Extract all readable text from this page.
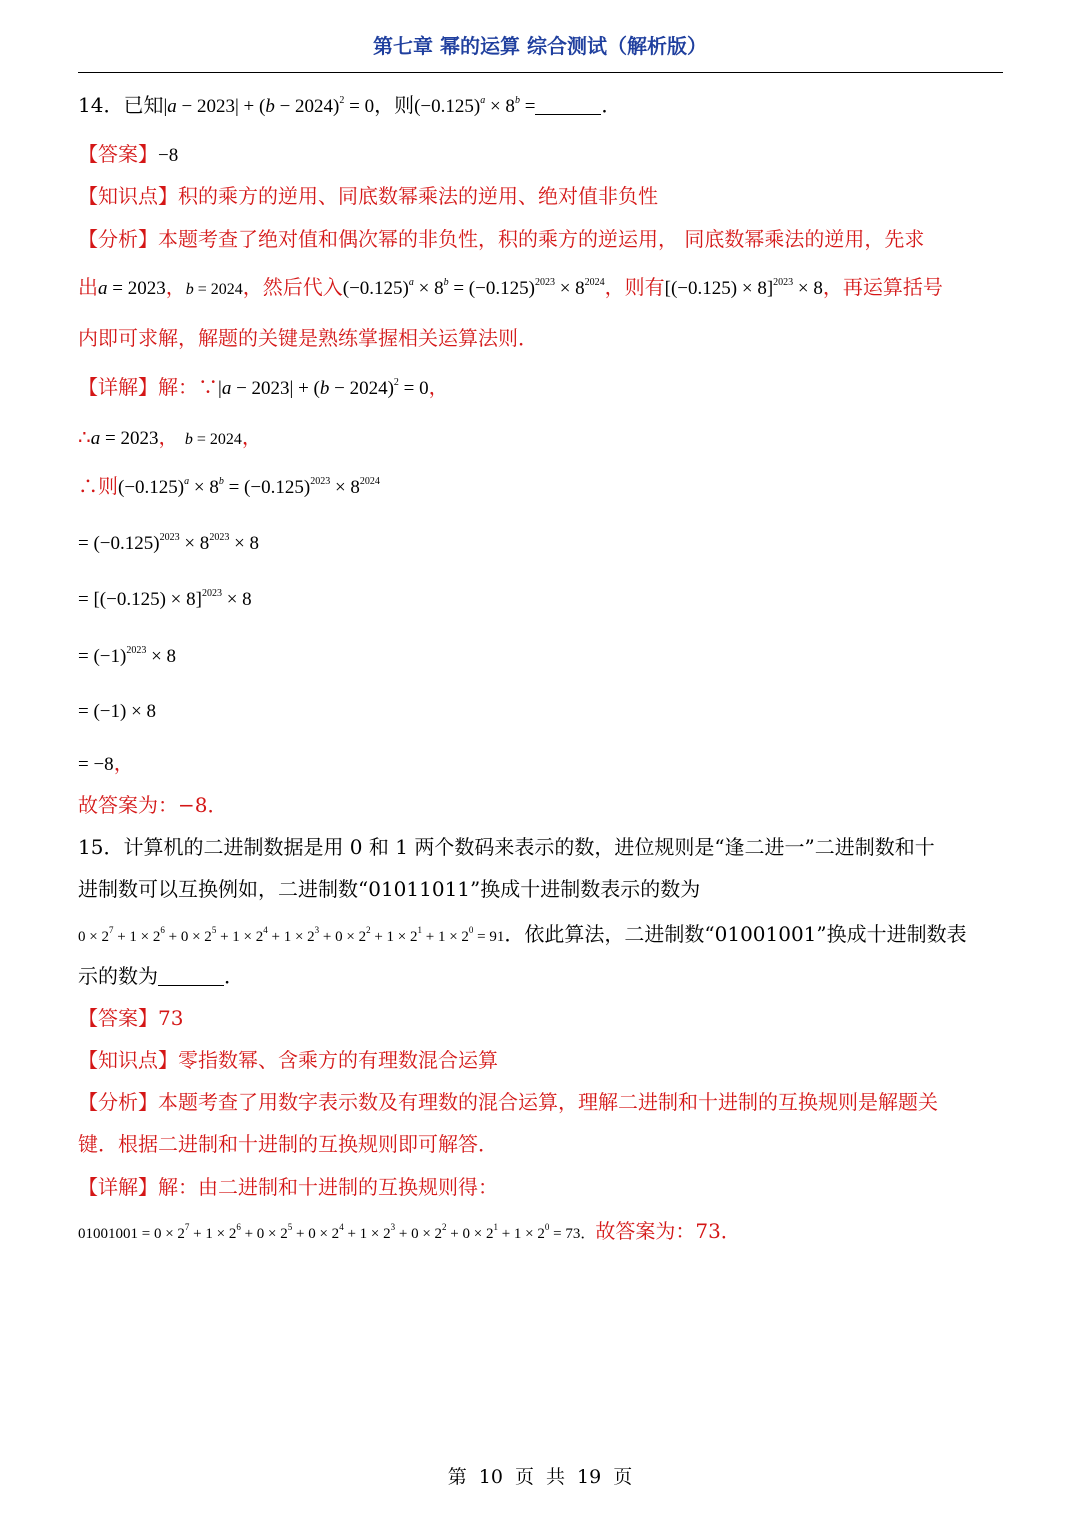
第七章 幂的运算 综合测试（解析版）
14．已知$|a - 2023| + (b - 2024)^2 = 0$，则$(-0.125)^a \times 8^b$ =	．
【答案】−8
【知识点】积的乘方的逆用、同底数幂乘法的逆用、绝对值非负性
【分析】本题考查了绝对值和偶次幂的非负性，积的乘方的逆运用， 同底数幂乘法的逆用，先求
出a = 2023，b = 2024，然后代入$(-0.125)^a \times 8^b = (-0.125)^{2023} \times 8^{2024}$，则有$[(-0.125) \times 8]^{2023} \times 8$，再运算括号
内即可求解，解题的关键是熟练掌握相关运算法则．
【详解】解：∵|a − $2023| + (b - 2024)^2 = 0$，
∴a = 2023， b = 2024，
∴则$(-0.125)^a \times 8^b = (-0.125)^{2023} \times 8^{2024}$
= $(-0.125)^{2023} \times 8^{2023} \times 8$
= $[(-0.125) \times 8]^{2023} \times 8$
= $(-1)^{2023} \times 8$
= (−1) × 8
= −8，
故答案为：−8．
15．计算机的二进制数据是用 0 和 1 两个数码来表示的数，进位规则是“逢二进一”二进制数和十
进制数可以互换例如，二进制数“01011011”换成十进制数表示的数为
$0 \times 2^7 + 1 \times 2^6 + 0 \times 2^5 + 1 \times 2^4 + 1 \times 2^3 + 0 \times 2^2 + 1 \times 2^1 + 1 \times 2^0 = 91$．依此算法，二进制数“01001001”换成十进制数表
示的数为	．
【答案】73
【知识点】零指数幂、含乘方的有理数混合运算
【分析】本题考查了用数字表示数及有理数的混合运算，理解二进制和十进制的互换规则是解题关
键．根据二进制和十进制的互换规则即可解答．
【详解】解：由二进制和十进制的互换规则得：
$01001001 = 0 \times 2^7 + 1 \times 2^6 + 0 \times 2^5 + 0 \times 2^4 + 1 \times 2^3 + 0 \times 2^2 + 0 \times 2^1 + 1 \times 2^0 = 73$．故答案为：73．
第 10 页 共 19 页
